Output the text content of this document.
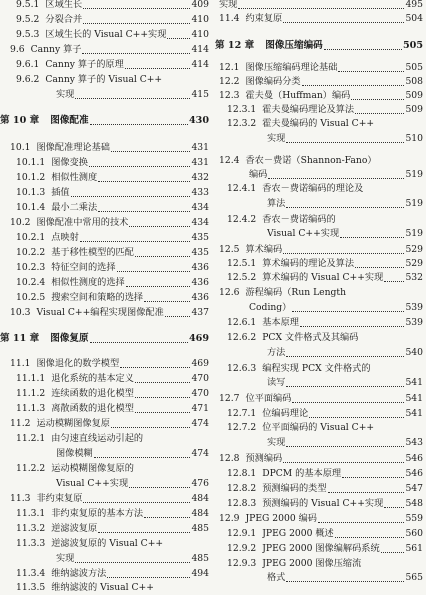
9.5.1 区域生长	409
9.5.2 分裂合并	410
9.5.3 区域生长的 Visual C++实现	410
9.6 Canny 算子	414
9.6.1 Canny 算子的原理	414
9.6.2 Canny 算子的 Visual C++
实现	415
第 10 章 图像配准	430
10.1 图像配准理论基础	431
10.1.1 图像变换	431
10.1.2 相似性测度	432
10.1.3 插值	433
10.1.4 最小二乘法	434
10.2 图像配准中常用的技术	434
10.2.1 点映射	435
10.2.2 基于移性模型的匹配	435
10.2.3 特征空间的选择	436
10.2.4 相似性测度的选择	436
10.2.5 搜索空间和策略的选择	436
10.3 Visual C++编程实现图像配准	437
第 11 章 图像复原	469
11.1 图像退化的数学模型	469
11.1.1 退化系统的基本定义	470
11.1.2 连续函数的退化模型	470
11.1.3 离散函数的退化模型	471
11.2 运动模糊图像复原	474
11.2.1 由匀速直线运动引起的
图像模糊	474
11.2.2 运动模糊图像复原的
Visual C++实现	476
11.3 非约束复原	484
11.3.1 非约束复原的基本方法	484
11.3.2 逆滤波复原	485
11.3.3 逆滤波复原的 Visual C++
实现	485
11.3.4 维纳滤波方法	494
11.3.5 维纳滤波的 Visual C++
实现	495
11.4 约束复原	504
第 12 章 图像压缩编码	505
12.1 图像压缩编码理论基础	505
12.2 图像编码分类	508
12.3 霍夫曼（Huffman）编码	509
12.3.1 霍夫曼编码理论及算法	509
12.3.2 霍夫曼编码的 Visual C++
实现	510
12.4 香农－费诺（Shannon-Fano）
编码	519
12.4.1 香农－费诺编码的理论及
算法	519
12.4.2 香农－费诺编码的
Visual C++实现	519
12.5 算术编码	529
12.5.1 算术编码的理论及算法	529
12.5.2 算术编码的 Visual C++实现 532
12.6 游程编码（Run Length
Coding）	539
12.6.1 基本原理	539
12.6.2 PCX 文件格式及其编码
方法	540
12.6.3 编程实现 PCX 文件格式的
读写	541
12.7 位平面编码	541
12.7.1 位编码理论	541
12.7.2 位平面编码的 Visual C++
实现	543
12.8 预测编码	546
12.8.1 DPCM 的基本原理	546
12.8.2 预测编码的类型	547
12.8.3 预测编码的 Visual C++实现 548
12.9 JPEG 2000 编码	559
12.9.1 JPEG 2000 概述	560
12.9.2 JPEG 2000 图像编解码系统	561
12.9.3 JPEG 2000 图像压缩流
格式	565
